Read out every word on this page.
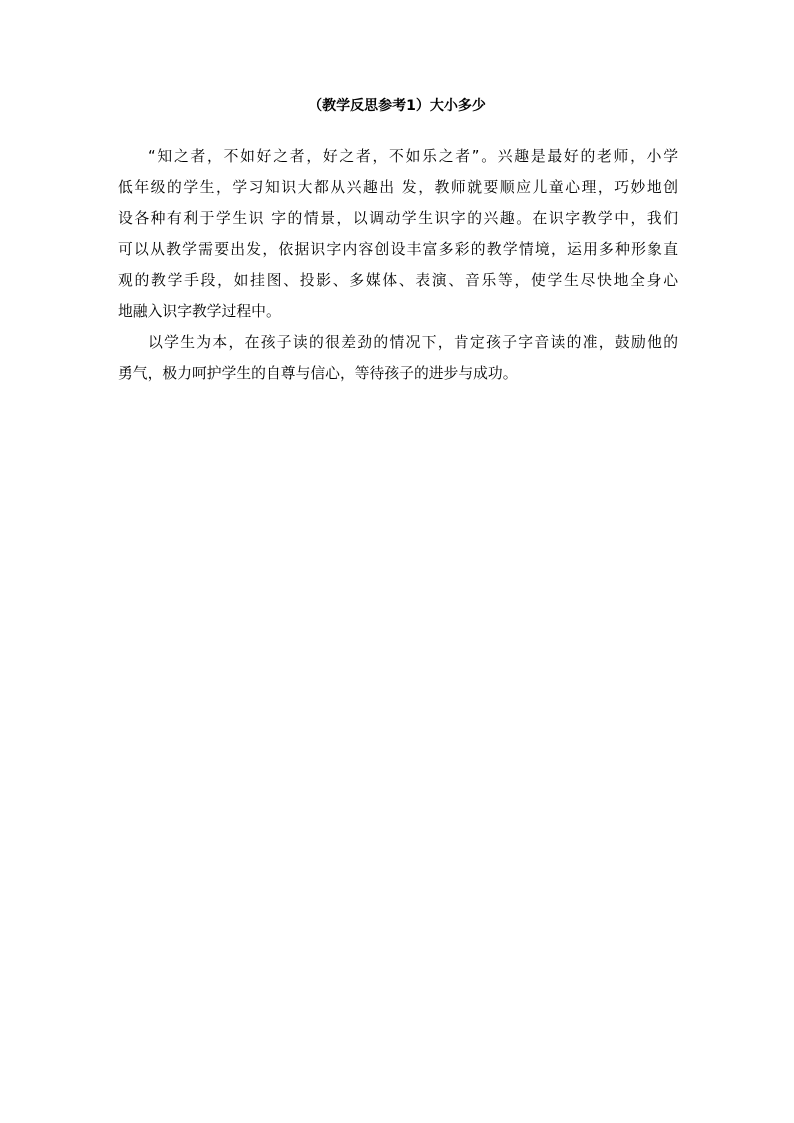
（教学反思参考1）大小多少
“知之者，不如好之者，好之者，不如乐之者”。兴趣是最好的老师，小学
低年级的学生，学习知识大都从兴趣出 发，教师就要顺应儿童心理，巧妙地创
设各种有利于学生识 字的情景，以调动学生识字的兴趣。在识字教学中，我们
可以从教学需要出发，依据识字内容创设丰富多彩的教学情境，运用多种形象直
观的教学手段，如挂图、投影、多媒体、表演、音乐等，使学生尽快地全身心
地融入识字教学过程中。
以学生为本，在孩子读的很差劲的情况下，肯定孩子字音读的准，鼓励他的
勇气，极力呵护学生的自尊与信心，等待孩子的进步与成功。
